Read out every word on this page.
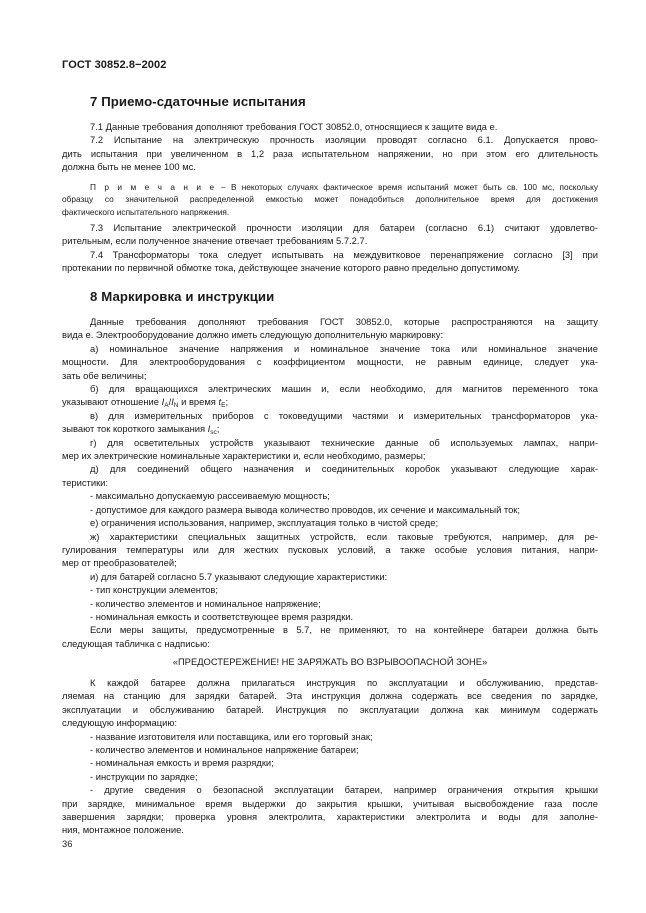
ГОСТ 30852.8−2002
7 Приемо-сдаточные испытания
7.1 Данные требования дополняют требования ГОСТ 30852.0, относящиеся к защите вида е.
7.2 Испытание на электрическую прочность изоляции проводят согласно 6.1. Допускается прово-
дить испытания при увеличенном в 1,2 раза испытательном напряжении, но при этом его длительность
должна быть не менее 100 мс.
П р и м е ч а н и е − В некоторых случаях фактическое время испытаний может быть св. 100 мс, поскольку
образцу со значительной распределенной емкостью может понадобиться дополнительное время для достижения
фактического испытательного напряжения.
7.3 Испытание электрической прочности изоляции для батареи (согласно 6.1) считают удовлетво-
рительным, если полученное значение отвечает требованиям 5.7.2.7.
7.4 Трансформаторы тока следует испытывать на междувитковое перенапряжение согласно [3] при
протекании по первичной обмотке тока, действующее значение которого равно предельно допустимому.
8 Маркировка и инструкции
Данные требования дополняют требования ГОСТ 30852.0, которые распространяются на защиту
вида е. Электрооборудование должно иметь следующую дополнительную маркировку:
а) номинальное значение напряжения и номинальное значение тока или номинальное значение
мощности. Для электрооборудования с коэффициентом мощности, не равным единице, следует ука-
зать обе величины;
б) для вращающихся электрических машин и, если необходимо, для магнитов переменного тока
указывают отношение $I_A/I_N$ и время $t_E$;
в) для измерительных приборов с токоведущими частями и измерительных трансформаторов ука-
зывают ток короткого замыкания $I_{sc}$;
г) для осветительных устройств указывают технические данные об используемых лампах, напри-
мер их электрические номинальные характеристики и, если необходимо, размеры;
д) для соединений общего назначения и соединительных коробок указывают следующие харак-
теристики:
- максимально допускаемую рассеиваемую мощность;
- допустимое для каждого размера вывода количество проводов, их сечение и максимальный ток;
е) ограничения использования, например, эксплуатация только в чистой среде;
ж) характеристики специальных защитных устройств, если таковые требуются, например, для ре-
гулирования температуры или для жестких пусковых условий, а также особые условия питания, напри-
мер от преобразователей;
и) для батарей согласно 5.7 указывают следующие характеристики:
- тип конструкции элементов;
- количество элементов и номинальное напряжение;
- номинальная емкость и соответствующее время разрядки.
Если меры защиты, предусмотренные в 5.7, не применяют, то на контейнере батареи должна быть
следующая табличка с надписью:
«ПРЕДОСТЕРЕЖЕНИЕ! НЕ ЗАРЯЖАТЬ ВО ВЗРЫВООПАСНОЙ ЗОНЕ»
К каждой батарее должна прилагаться инструкция по эксплуатации и обслуживанию, представ-
ляемая на станцию для зарядки батарей. Эта инструкция должна содержать все сведения по зарядке,
эксплуатации и обслуживанию батарей. Инструкция по эксплуатации должна как минимум содержать
следующую информацию:
- название изготовителя или поставщика, или его торговый знак;
- количество элементов и номинальное напряжение батареи;
- номинальная емкость и время разрядки;
- инструкции по зарядке;
- другие сведения о безопасной эксплуатации батареи, например ограничения открытия крышки
при зарядке, минимальное время выдержки до закрытия крышки, учитывая высвобождение газа после
завершения зарядки; проверка уровня электролита, характеристики электролита и воды для заполне-
ния, монтажное положение.
36
